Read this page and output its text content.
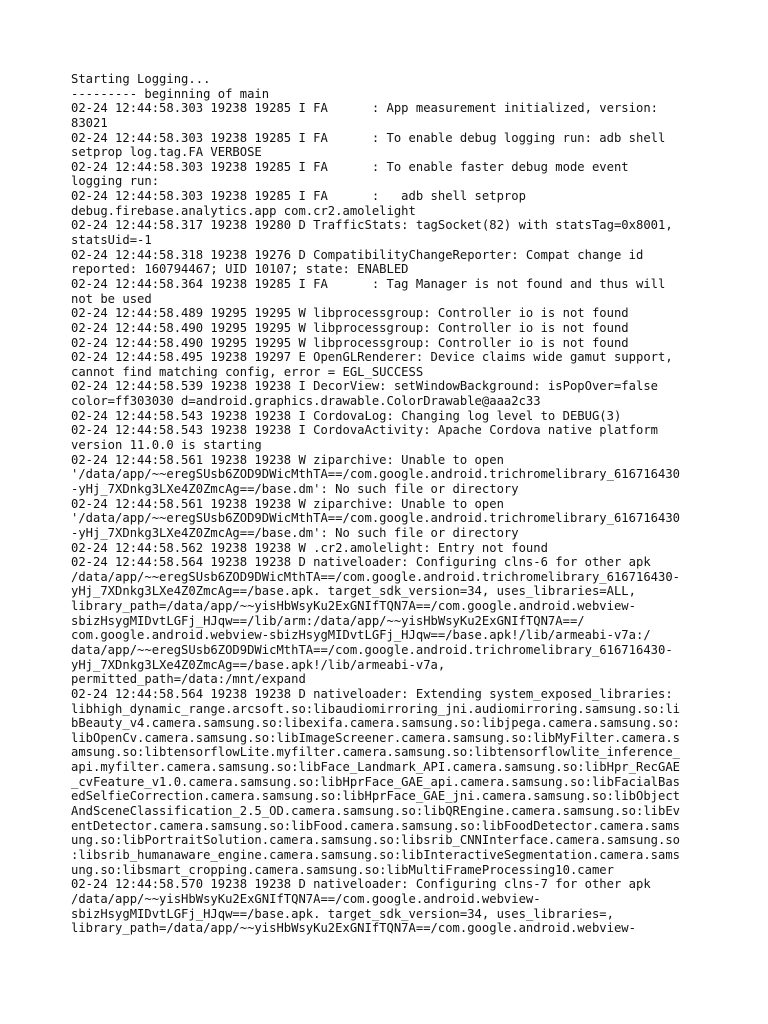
Starting Logging...
--------- beginning of main
02-24 12:44:58.303 19238 19285 I FA      : App measurement initialized, version:
83021
02-24 12:44:58.303 19238 19285 I FA      : To enable debug logging run: adb shell
setprop log.tag.FA VERBOSE
02-24 12:44:58.303 19238 19285 I FA      : To enable faster debug mode event
logging run:
02-24 12:44:58.303 19238 19285 I FA      :   adb shell setprop
debug.firebase.analytics.app com.cr2.amolelight
02-24 12:44:58.317 19238 19280 D TrafficStats: tagSocket(82) with statsTag=0x8001,
statsUid=-1
02-24 12:44:58.318 19238 19276 D CompatibilityChangeReporter: Compat change id
reported: 160794467; UID 10107; state: ENABLED
02-24 12:44:58.364 19238 19285 I FA      : Tag Manager is not found and thus will
not be used
02-24 12:44:58.489 19295 19295 W libprocessgroup: Controller io is not found
02-24 12:44:58.490 19295 19295 W libprocessgroup: Controller io is not found
02-24 12:44:58.490 19295 19295 W libprocessgroup: Controller io is not found
02-24 12:44:58.495 19238 19297 E OpenGLRenderer: Device claims wide gamut support,
cannot find matching config, error = EGL_SUCCESS
02-24 12:44:58.539 19238 19238 I DecorView: setWindowBackground: isPopOver=false
color=ff303030 d=android.graphics.drawable.ColorDrawable@aaa2c33
02-24 12:44:58.543 19238 19238 I CordovaLog: Changing log level to DEBUG(3)
02-24 12:44:58.543 19238 19238 I CordovaActivity: Apache Cordova native platform
version 11.0.0 is starting
02-24 12:44:58.561 19238 19238 W ziparchive: Unable to open
'/data/app/~~eregSUsb6ZOD9DWicMthTA==/com.google.android.trichromelibrary_616716430
-yHj_7XDnkg3LXe4Z0ZmcAg==/base.dm': No such file or directory
02-24 12:44:58.561 19238 19238 W ziparchive: Unable to open
'/data/app/~~eregSUsb6ZOD9DWicMthTA==/com.google.android.trichromelibrary_616716430
-yHj_7XDnkg3LXe4Z0ZmcAg==/base.dm': No such file or directory
02-24 12:44:58.562 19238 19238 W .cr2.amolelight: Entry not found
02-24 12:44:58.564 19238 19238 D nativeloader: Configuring clns-6 for other apk
/data/app/~~eregSUsb6ZOD9DWicMthTA==/com.google.android.trichromelibrary_616716430-
yHj_7XDnkg3LXe4Z0ZmcAg==/base.apk. target_sdk_version=34, uses_libraries=ALL,
library_path=/data/app/~~yisHbWsyKu2ExGNIfTQN7A==/com.google.android.webview-
sbizHsygMIDvtLGFj_HJqw==/lib/arm:/data/app/~~yisHbWsyKu2ExGNIfTQN7A==/
com.google.android.webview-sbizHsygMIDvtLGFj_HJqw==/base.apk!/lib/armeabi-v7a:/
data/app/~~eregSUsb6ZOD9DWicMthTA==/com.google.android.trichromelibrary_616716430-
yHj_7XDnkg3LXe4Z0ZmcAg==/base.apk!/lib/armeabi-v7a,
permitted_path=/data:/mnt/expand
02-24 12:44:58.564 19238 19238 D nativeloader: Extending system_exposed_libraries:
libhigh_dynamic_range.arcsoft.so:libaudiomirroring_jni.audiomirroring.samsung.so:li
bBeauty_v4.camera.samsung.so:libexifa.camera.samsung.so:libjpega.camera.samsung.so:
libOpenCv.camera.samsung.so:libImageScreener.camera.samsung.so:libMyFilter.camera.s
amsung.so:libtensorflowLite.myfilter.camera.samsung.so:libtensorflowlite_inference_
api.myfilter.camera.samsung.so:libFace_Landmark_API.camera.samsung.so:libHpr_RecGAE
_cvFeature_v1.0.camera.samsung.so:libHprFace_GAE_api.camera.samsung.so:libFacialBas
edSelfieCorrection.camera.samsung.so:libHprFace_GAE_jni.camera.samsung.so:libObject
AndSceneClassification_2.5_OD.camera.samsung.so:libQREngine.camera.samsung.so:libEv
entDetector.camera.samsung.so:libFood.camera.samsung.so:libFoodDetector.camera.sams
ung.so:libPortraitSolution.camera.samsung.so:libsrib_CNNInterface.camera.samsung.so
:libsrib_humanaware_engine.camera.samsung.so:libInteractiveSegmentation.camera.sams
ung.so:libsmart_cropping.camera.samsung.so:libMultiFrameProcessing10.camer
02-24 12:44:58.570 19238 19238 D nativeloader: Configuring clns-7 for other apk
/data/app/~~yisHbWsyKu2ExGNIfTQN7A==/com.google.android.webview-
sbizHsygMIDvtLGFj_HJqw==/base.apk. target_sdk_version=34, uses_libraries=,
library_path=/data/app/~~yisHbWsyKu2ExGNIfTQN7A==/com.google.android.webview-
